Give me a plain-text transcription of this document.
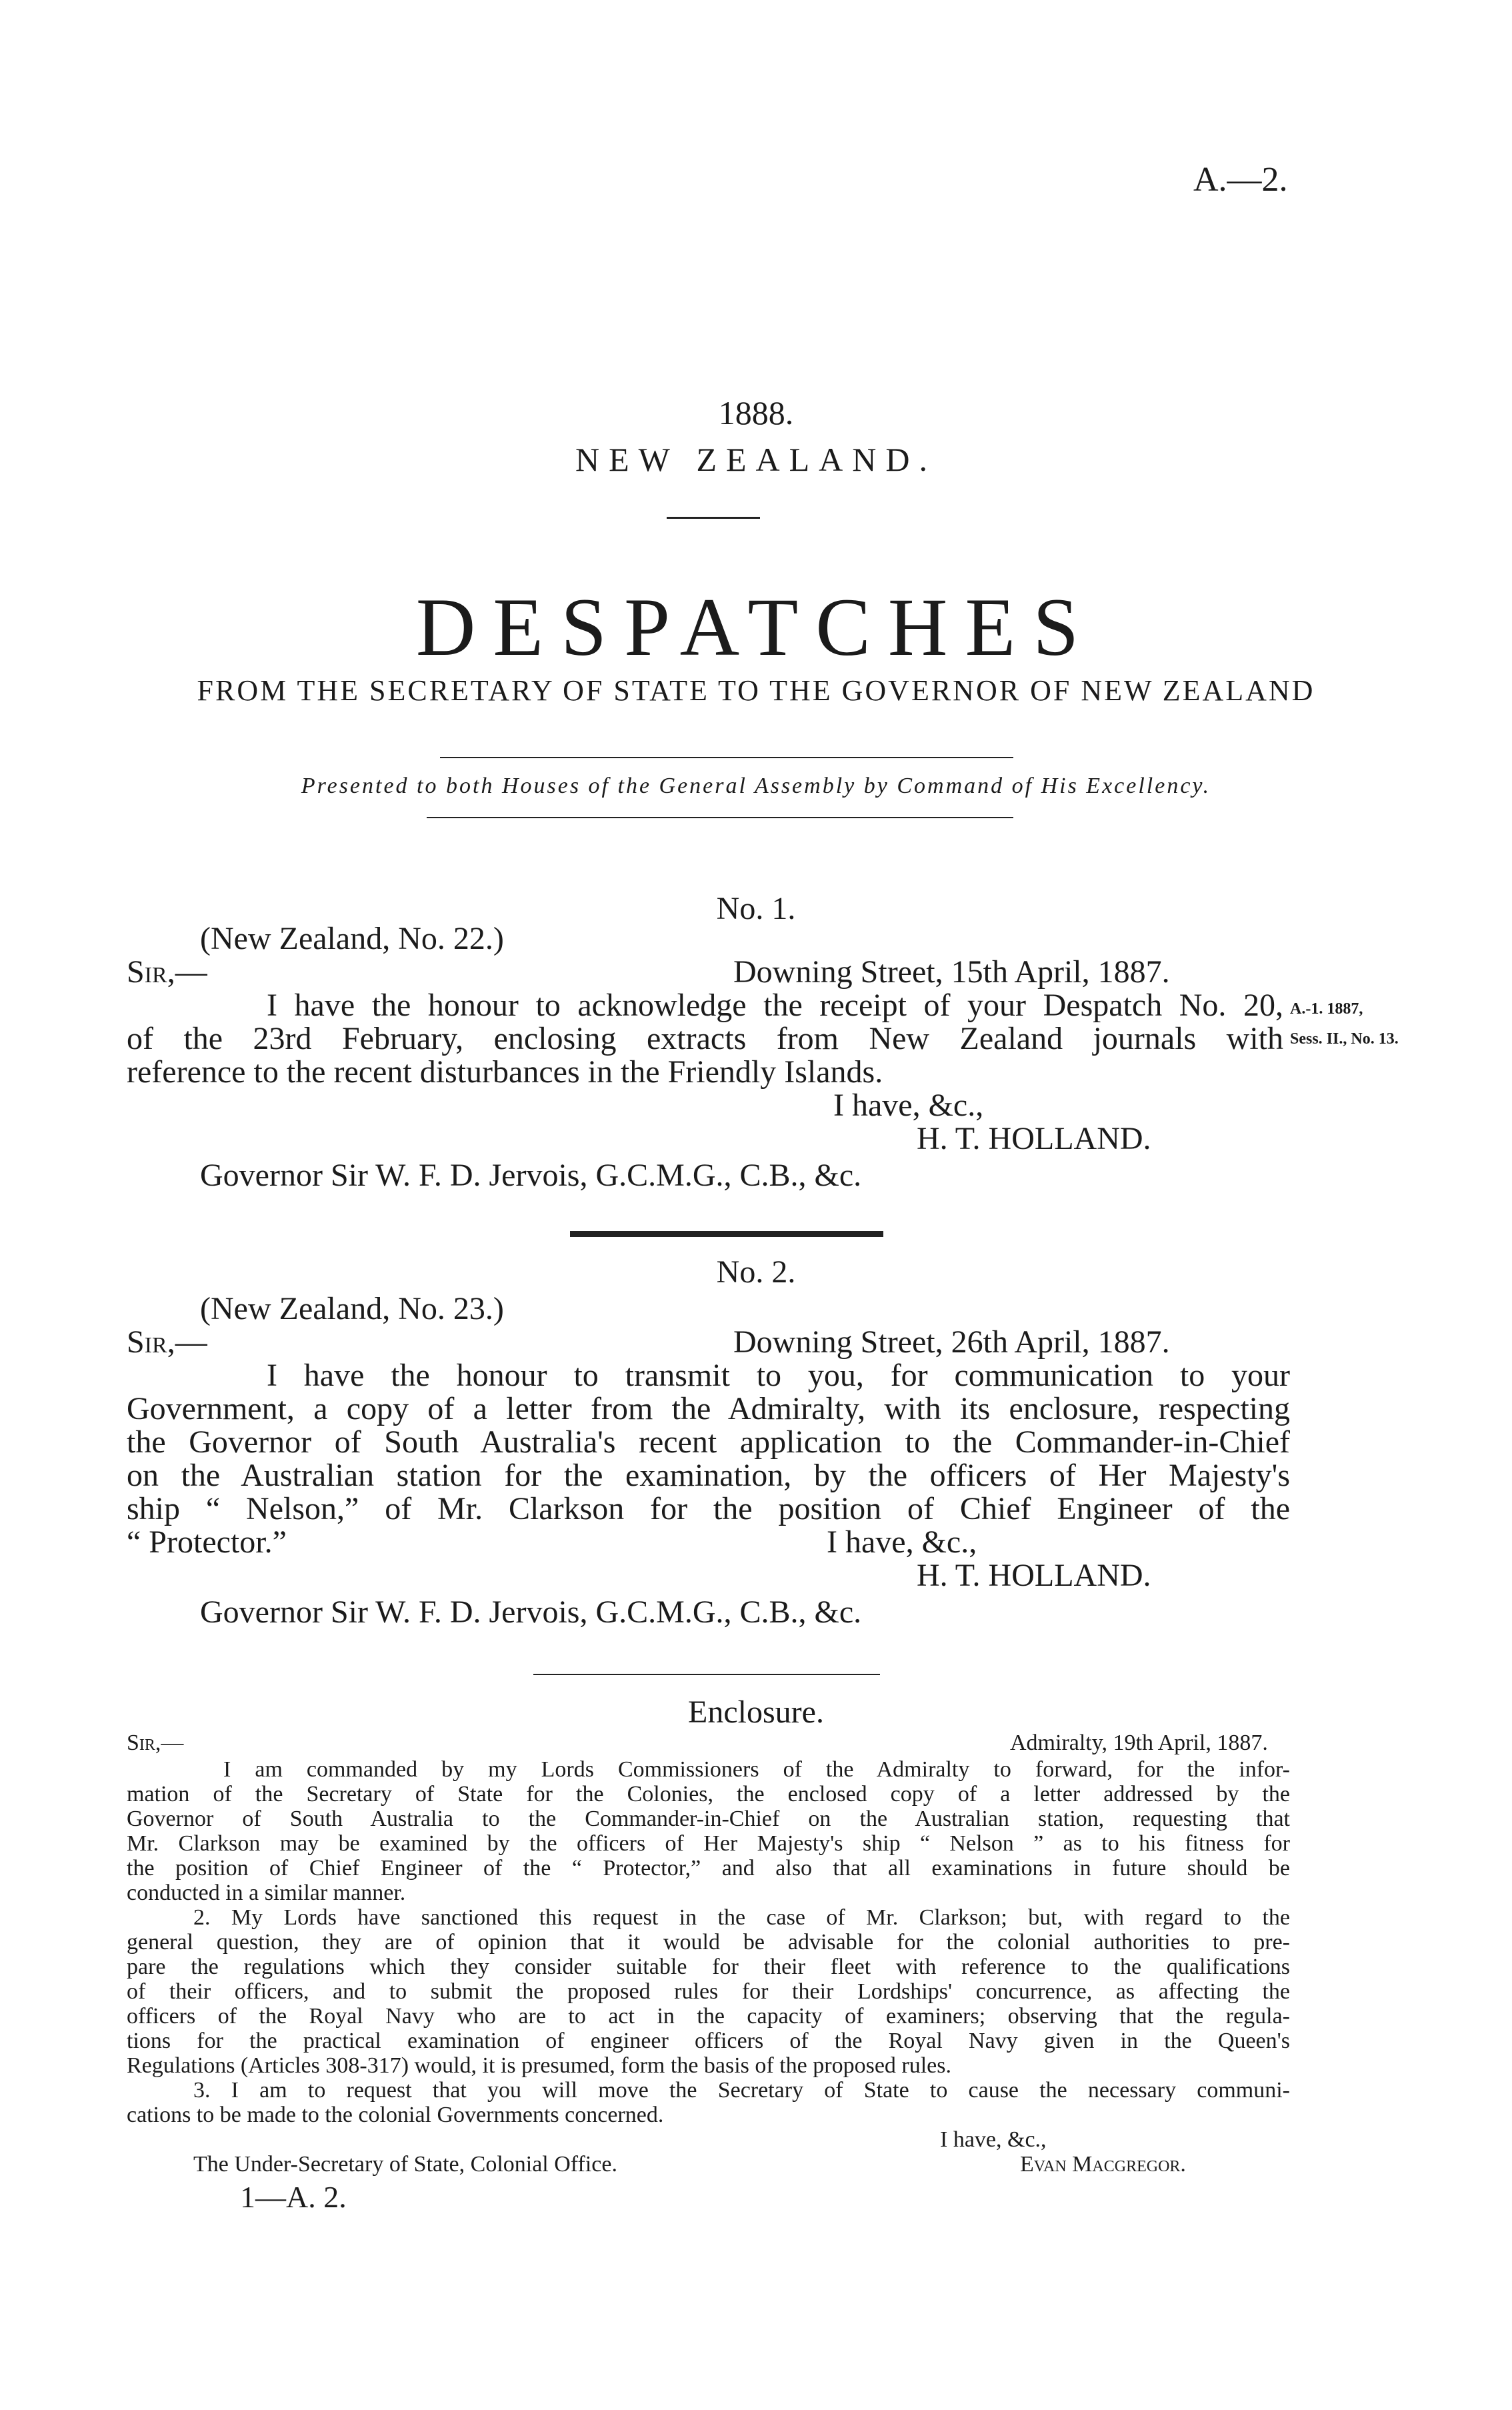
A.—2.
1888.
NEW ZEALAND.
DESPATCHES
FROM THE SECRETARY OF STATE TO THE GOVERNOR OF NEW ZEALAND
Presented to both Houses of the General Assembly by Command of His Excellency.
No. 1.
(New Zealand, No. 22.)
Sir,—	Downing Street, 15th April, 1887.
I have the honour to acknowledge the receipt of your Despatch No. 20,
of the 23rd February, enclosing extracts from New Zealand journals with
reference to the recent disturbances in the Friendly Islands.
A.-1. 1887,
Sess. II., No. 13.
I have, &c.,
H. T. HOLLAND.
Governor Sir W. F. D. Jervois, G.C.M.G., C.B., &c.
No. 2.
(New Zealand, No. 23.)
Sir,—	Downing Street, 26th April, 1887.
I have the honour to transmit to you, for communication to your
Government, a copy of a letter from the Admiralty, with its enclosure, respecting
the Governor of South Australia's recent application to the Commander-in-Chief
on the Australian station for the examination, by the officers of Her Majesty's
ship “ Nelson,” of Mr. Clarkson for the position of Chief Engineer of the
“ Protector.”	I have, &c.,
H. T. HOLLAND.
Governor Sir W. F. D. Jervois, G.C.M.G., C.B., &c.
Enclosure.
Sir,—	Admiralty, 19th April, 1887.
I am commanded by my Lords Commissioners of the Admiralty to forward, for the infor-
mation of the Secretary of State for the Colonies, the enclosed copy of a letter addressed by the
Governor of South Australia to the Commander-in-Chief on the Australian station, requesting that
Mr. Clarkson may be examined by the officers of Her Majesty's ship “ Nelson ” as to his fitness for
the position of Chief Engineer of the “ Protector,” and also that all examinations in future should be
conducted in a similar manner.
2. My Lords have sanctioned this request in the case of Mr. Clarkson; but, with regard to the
general question, they are of opinion that it would be advisable for the colonial authorities to pre-
pare the regulations which they consider suitable for their fleet with reference to the qualifications
of their officers, and to submit the proposed rules for their Lordships' concurrence, as affecting the
officers of the Royal Navy who are to act in the capacity of examiners; observing that the regula-
tions for the practical examination of engineer officers of the Royal Navy given in the Queen's
Regulations (Articles 308-317) would, it is presumed, form the basis of the proposed rules.
3. I am to request that you will move the Secretary of State to cause the necessary communi-
cations to be made to the colonial Governments concerned.
I have, &c.,
Evan Macgregor.
The Under-Secretary of State, Colonial Office.
1—A. 2.
